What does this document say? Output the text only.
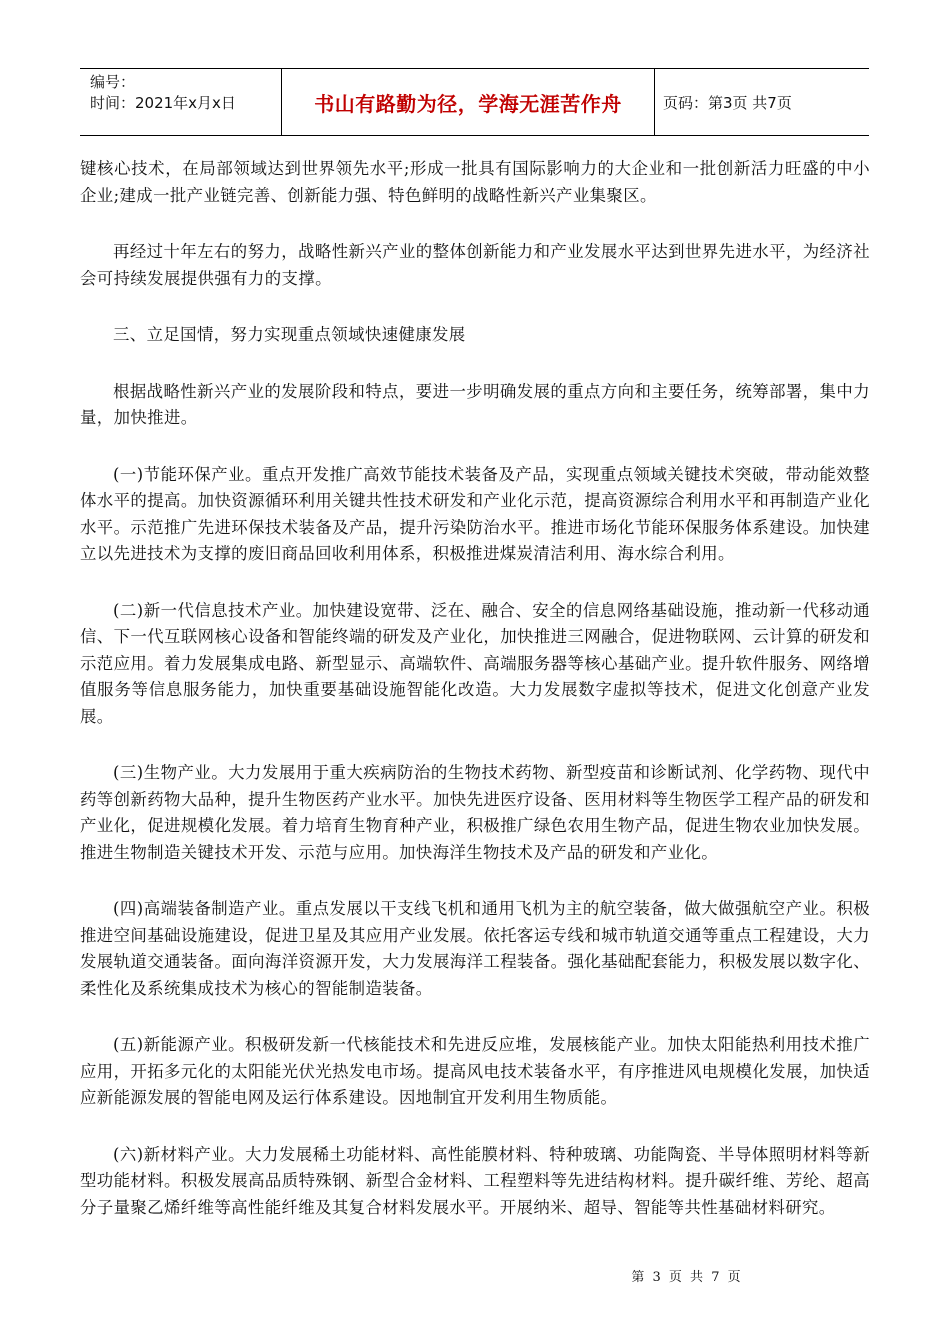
编号：
时间：2021年x月x日	书山有路勤为径，学海无涯苦作舟	页码：第3页 共7页

键核心技术，在局部领域达到世界领先水平;形成一批具有国际影响力的大企业和一批创新活力旺盛的中小企业;建成一批产业链完善、创新能力强、特色鲜明的战略性新兴产业集聚区。

再经过十年左右的努力，战略性新兴产业的整体创新能力和产业发展水平达到世界先进水平，为经济社会可持续发展提供强有力的支撑。

三、立足国情，努力实现重点领域快速健康发展

根据战略性新兴产业的发展阶段和特点，要进一步明确发展的重点方向和主要任务，统筹部署，集中力量，加快推进。

(一)节能环保产业。重点开发推广高效节能技术装备及产品，实现重点领域关键技术突破，带动能效整体水平的提高。加快资源循环利用关键共性技术研发和产业化示范，提高资源综合利用水平和再制造产业化水平。示范推广先进环保技术装备及产品，提升污染防治水平。推进市场化节能环保服务体系建设。加快建立以先进技术为支撑的废旧商品回收利用体系，积极推进煤炭清洁利用、海水综合利用。

(二)新一代信息技术产业。加快建设宽带、泛在、融合、安全的信息网络基础设施，推动新一代移动通信、下一代互联网核心设备和智能终端的研发及产业化，加快推进三网融合，促进物联网、云计算的研发和示范应用。着力发展集成电路、新型显示、高端软件、高端服务器等核心基础产业。提升软件服务、网络增值服务等信息服务能力，加快重要基础设施智能化改造。大力发展数字虚拟等技术，促进文化创意产业发展。

(三)生物产业。大力发展用于重大疾病防治的生物技术药物、新型疫苗和诊断试剂、化学药物、现代中药等创新药物大品种，提升生物医药产业水平。加快先进医疗设备、医用材料等生物医学工程产品的研发和产业化，促进规模化发展。着力培育生物育种产业，积极推广绿色农用生物产品，促进生物农业加快发展。推进生物制造关键技术开发、示范与应用。加快海洋生物技术及产品的研发和产业化。

(四)高端装备制造产业。重点发展以干支线飞机和通用飞机为主的航空装备，做大做强航空产业。积极推进空间基础设施建设，促进卫星及其应用产业发展。依托客运专线和城市轨道交通等重点工程建设，大力发展轨道交通装备。面向海洋资源开发，大力发展海洋工程装备。强化基础配套能力，积极发展以数字化、柔性化及系统集成技术为核心的智能制造装备。

(五)新能源产业。积极研发新一代核能技术和先进反应堆，发展核能产业。加快太阳能热利用技术推广应用，开拓多元化的太阳能光伏光热发电市场。提高风电技术装备水平，有序推进风电规模化发展，加快适应新能源发展的智能电网及运行体系建设。因地制宜开发利用生物质能。

(六)新材料产业。大力发展稀土功能材料、高性能膜材料、特种玻璃、功能陶瓷、半导体照明材料等新型功能材料。积极发展高品质特殊钢、新型合金材料、工程塑料等先进结构材料。提升碳纤维、芳纶、超高分子量聚乙烯纤维等高性能纤维及其复合材料发展水平。开展纳米、超导、智能等共性基础材料研究。

第 3 页 共 7 页
